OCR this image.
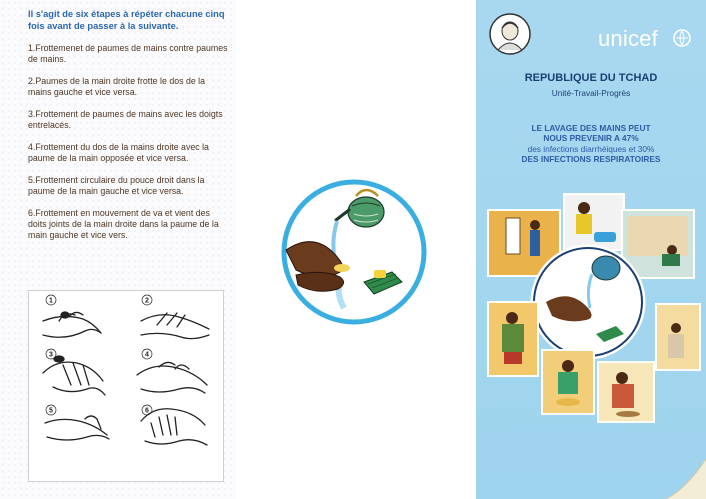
Il s'agit de six étapes à répéter chacune cinq fois avant de passer à la suivante.
1.Frottemenet de paumes de mains contre paumes de mains.
2.Paumes de la main droite frotte le dos de la mains gauche et vice versa.
3.Frottement de paumes de mains avec les doigts entrelacés.
4.Frottement du dos de la mains droite avec la paume de la main opposée et vice versa.
5.Frottement circulaire du pouce droit dans la paume de la main gauche et vice versa.
6.Frottement en mouvement de va et vient des doits joints de la main droite dans la paume de la main gauche et vice vers.
1	2
3	4
5	6
unicef
REPUBLIQUE DU TCHAD
Unité-Travail-Progrès
LE LAVAGE DES MAINS PEUT
NOUS PREVENIR A 47%
des infections diarrhéiques et 30%
DES INFECTIONS RESPIRATOIRES
